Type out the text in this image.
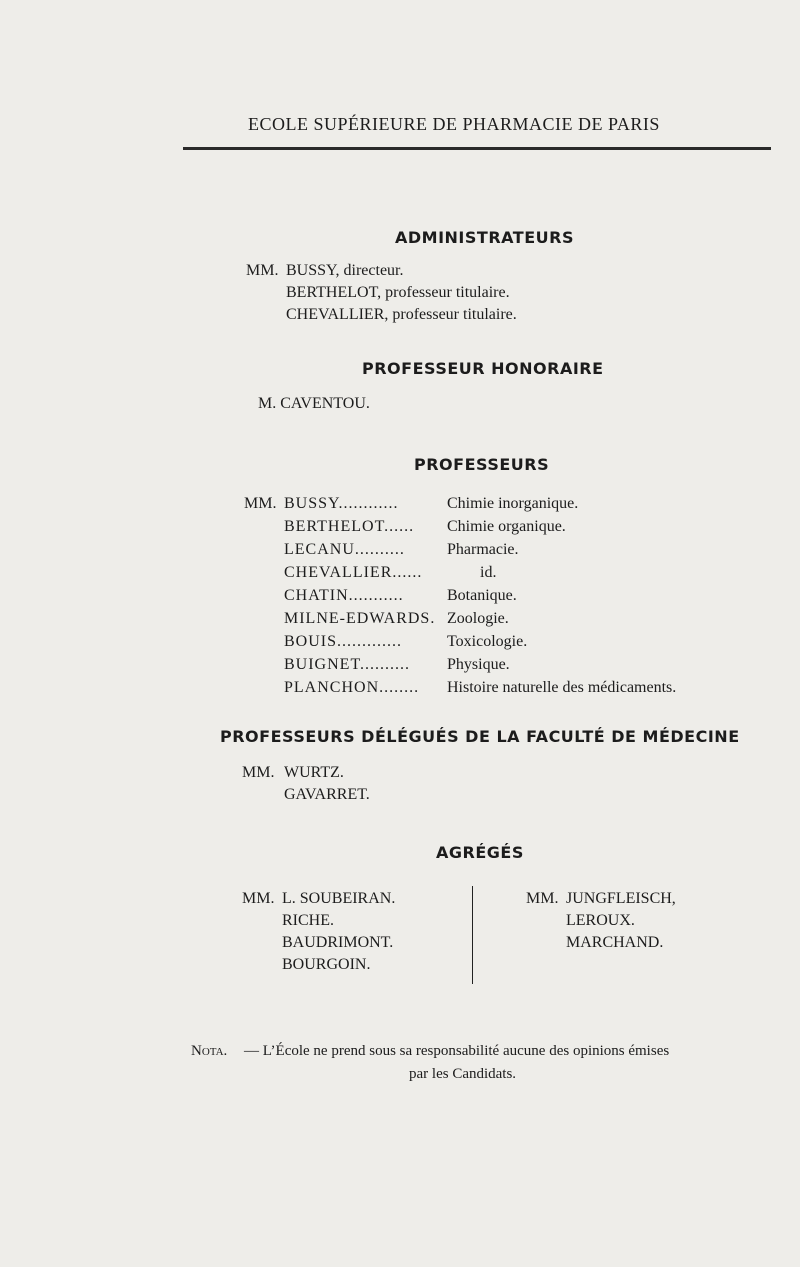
ECOLE SUPÉRIEURE DE PHARMACIE DE PARIS
ADMINISTRATEURS
MM. BUSSY, directeur.
BERTHELOT, professeur titulaire.
CHEVALLIER, professeur titulaire.
PROFESSEUR HONORAIRE
M. CAVENTOU.
PROFESSEURS
MM. BUSSY............	Chimie inorganique.
BERTHELOT...... Chimie organique.
LECANU..........	Pharmacie.
CHEVALLIER......	id.
CHATIN...........	Botanique.
MILNE-EDWARDS. Zoologie.
BOUIS.............	Toxicologie.
BUIGNET.......... Physique.
PLANCHON........ Histoire naturelle des médicaments.
PROFESSEURS DÉLÉGUÉS DE LA FACULTÉ DE MÉDECINE
MM. WURTZ.
GAVARRET.
AGRÉGÉS
MM. L. SOUBEIRAN.
RICHE.
BAUDRIMONT.
BOURGOIN.
MM. JUNGFLEISCH,
LEROUX.
MARCHAND.
Nota. — L’École ne prend sous sa responsabilité aucune des opinions émises
par les Candidats.
